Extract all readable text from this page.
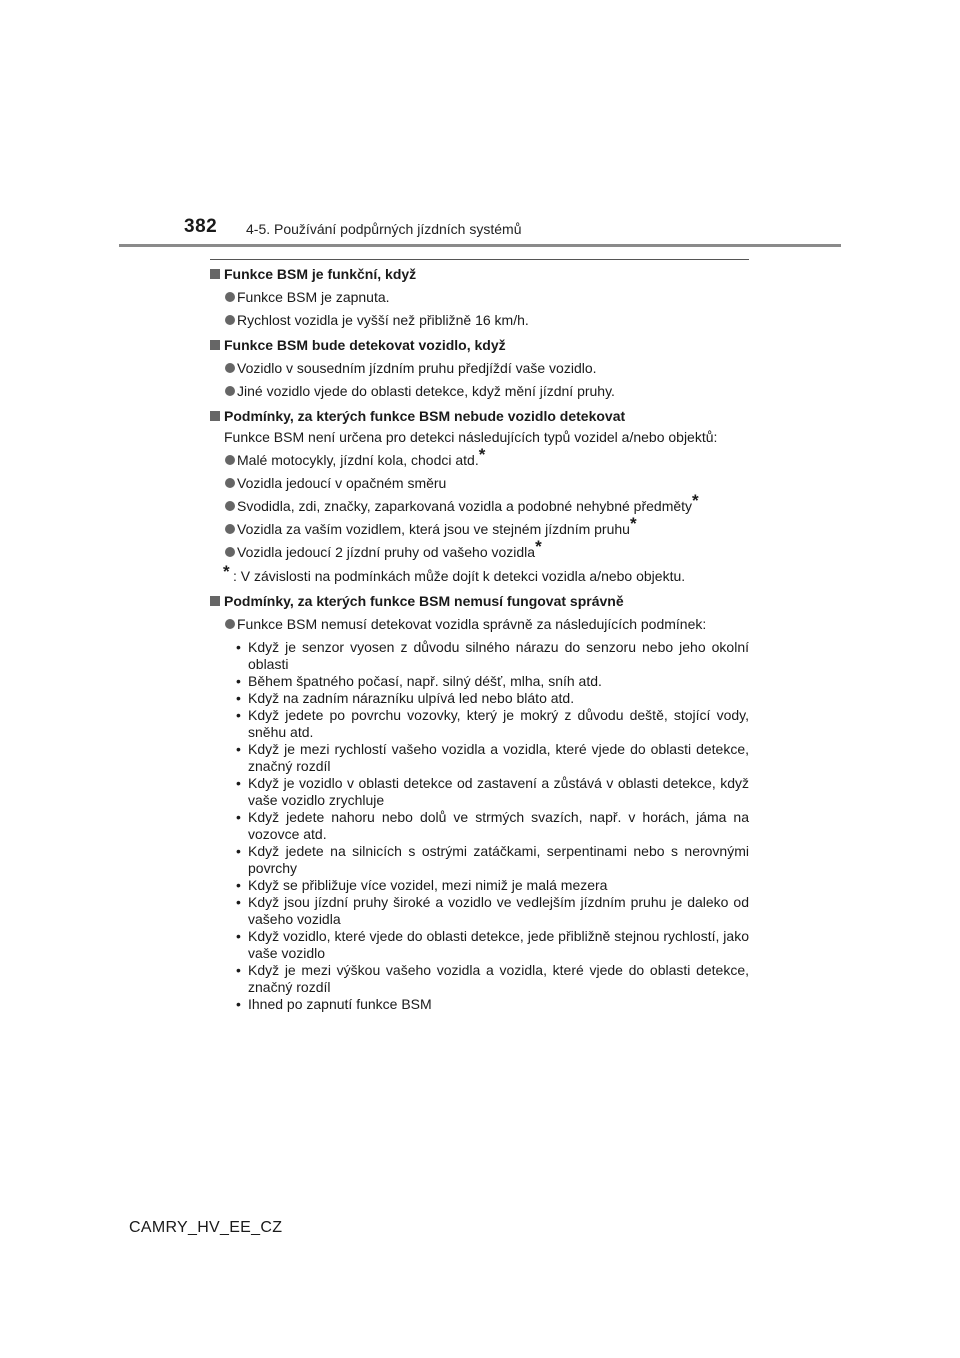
382 4-5. Používání podpůrných jízdních systémů
Funkce BSM je funkční, když
Funkce BSM je zapnuta.
Rychlost vozidla je vyšší než přibližně 16 km/h.
Funkce BSM bude detekovat vozidlo, když
Vozidlo v sousedním jízdním pruhu předjíždí vaše vozidlo.
Jiné vozidlo vjede do oblasti detekce, když mění jízdní pruhy.
Podmínky, za kterých funkce BSM nebude vozidlo detekovat
Funkce BSM není určena pro detekci následujících typů vozidel a/nebo objektů:
Malé motocykly, jízdní kola, chodci atd.*
Vozidla jedoucí v opačném směru
Svodidla, zdi, značky, zaparkovaná vozidla a podobné nehybné předměty*
Vozidla za vaším vozidlem, která jsou ve stejném jízdním pruhu*
Vozidla jedoucí 2 jízdní pruhy od vašeho vozidla*
* : V závislosti na podmínkách může dojít k detekci vozidla a/nebo objektu.
Podmínky, za kterých funkce BSM nemusí fungovat správně
Funkce BSM nemusí detekovat vozidla správně za následujících podmínek:
• Když je senzor vyosen z důvodu silného nárazu do senzoru nebo jeho okolní oblasti
• Během špatného počasí, např. silný déšť, mlha, sníh atd.
• Když na zadním nárazníku ulpívá led nebo bláto atd.
• Když jedete po povrchu vozovky, který je mokrý z důvodu deště, stojící vody, sněhu atd.
• Když je mezi rychlostí vašeho vozidla a vozidla, které vjede do oblasti detekce, značný rozdíl
• Když je vozidlo v oblasti detekce od zastavení a zůstává v oblasti detekce, když vaše vozidlo zrychluje
• Když jedete nahoru nebo dolů ve strmých svazích, např. v horách, jáma na vozovce atd.
• Když jedete na silnicích s ostrými zatáčkami, serpentinami nebo s nerovnými povrchy
• Když se přibližuje více vozidel, mezi nimiž je malá mezera
• Když jsou jízdní pruhy široké a vozidlo ve vedlejším jízdním pruhu je daleko od vašeho vozidla
• Když vozidlo, které vjede do oblasti detekce, jede přibližně stejnou rychlostí, jako vaše vozidlo
• Když je mezi výškou vašeho vozidla a vozidla, které vjede do oblasti detekce, značný rozdíl
• Ihned po zapnutí funkce BSM
CAMRY_HV_EE_CZ
